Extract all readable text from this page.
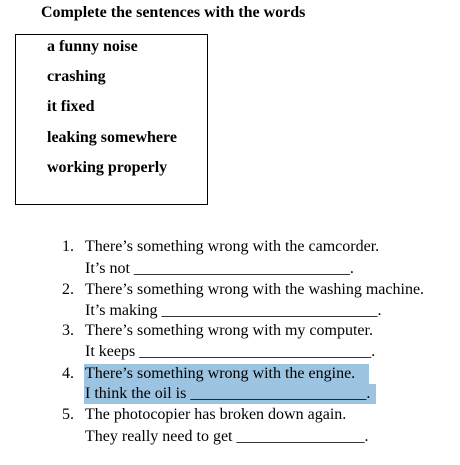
Complete the sentences with the words
a funny noise
crashing
it fixed
leaking somewhere
working properly
1. There’s something wrong with the camcorder.
It’s not ___________________________.
2. There’s something wrong with the washing machine.
It’s making ___________________________.
3. There’s something wrong with my computer.
It keeps _____________________________.
4. There’s something wrong with the engine.
I think the oil is ______________________.
5. The photocopier has broken down again.
They really need to get ________________.
